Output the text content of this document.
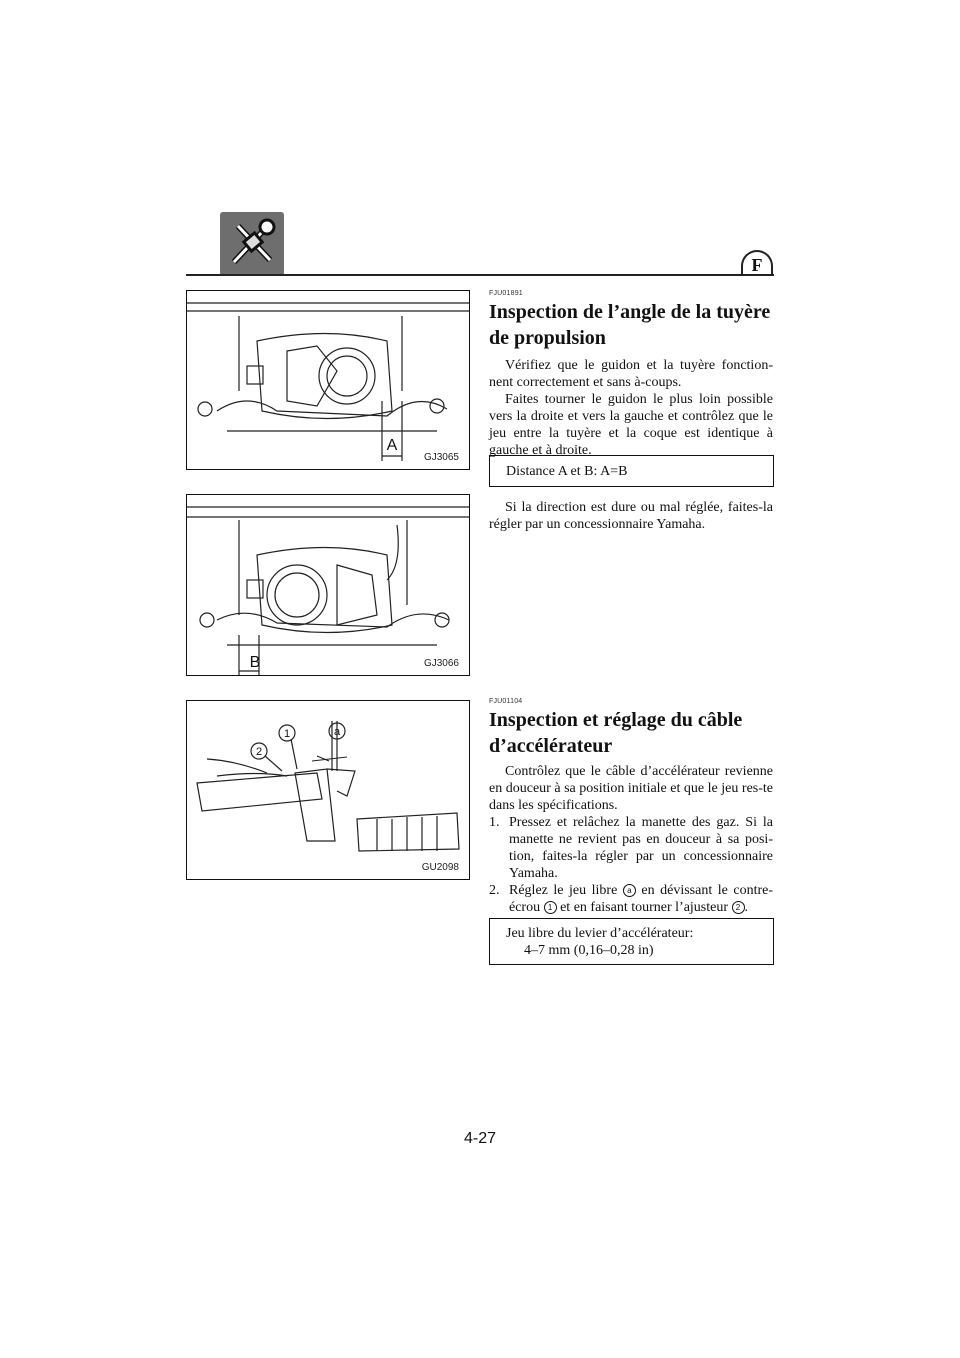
F
A
GJ3065
B	GJ3066
2
1	a
GU2098
FJU01891
Inspection de l’angle de la tuyère
de propulsion

Vérifiez que le guidon et la tuyère fonction-nent correctement et sans à-coups.

Faites tourner le guidon le plus loin possible vers la droite et vers la gauche et contrôlez que le jeu entre la tuyère et la coque est identique à gauche et à droite.

Distance A et B: A=B

Si la direction est dure ou mal réglée, faites-la régler par un concessionnaire Yamaha.

FJU01104
Inspection et réglage du câble
d’accélérateur

Contrôlez que le câble d’accélérateur revienne en douceur à sa position initiale et que le jeu res-te dans les spécifications.

1. Pressez et relâchez la manette des gaz. Si la manette ne revient pas en douceur à sa posi-tion, faites-la régler par un concessionnaire Yamaha.
2. Réglez le jeu libre a en dévissant le contre-écrou 1 et en faisant tourner l’ajusteur 2 .
Jeu libre du levier d’accélérateur:
4–7 mm (0,16–0,28 in)
4-27
